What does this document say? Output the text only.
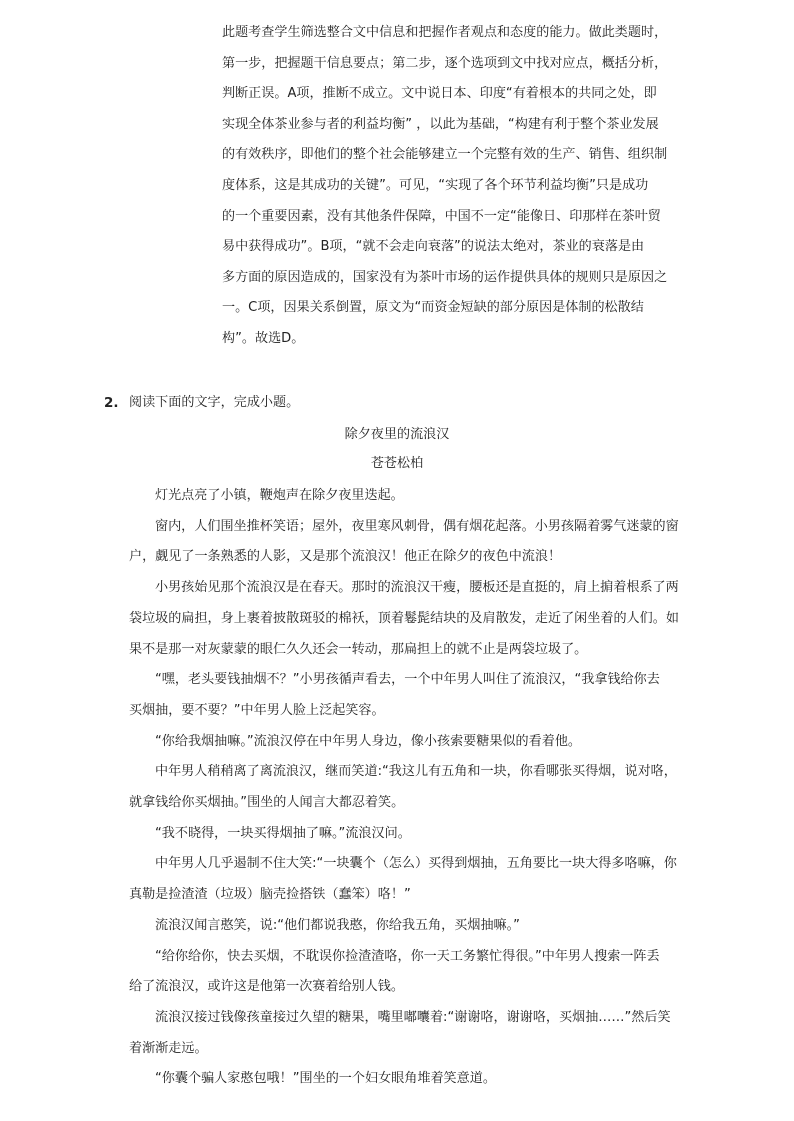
此题考查学生筛选整合文中信息和把握作者观点和态度的能力。做此类题时，

第一步，把握题干信息要点；第二步，逐个选项到文中找对应点，概括分析，

判断正误。A项，推断不成立。文中说日本、印度“有着根本的共同之处，即

实现全体茶业参与者的利益均衡” ，以此为基础，“构建有利于整个茶业发展

的有效秩序，即他们的整个社会能够建立一个完整有效的生产、销售、组织制

度体系，这是其成功的关键”。可见，“实现了各个环节利益均衡”只是成功

的一个重要因素，没有其他条件保障，中国不一定“能像日、印那样在茶叶贸

易中获得成功”。B项，“就不会走向衰落”的说法太绝对，茶业的衰落是由

多方面的原因造成的，国家没有为茶叶市场的运作提供具体的规则只是原因之

一。C项，因果关系倒置，原文为“而资金短缺的部分原因是体制的松散结

构”。故选D。

2. 阅读下面的文字，完成小题。
除夕夜里的流浪汉
苍苍松柏

灯光点亮了小镇，鞭炮声在除夕夜里迭起。

窗内，人们围坐推杯笑语；屋外，夜里寒风刺骨，偶有烟花起落。小男孩隔着雾气迷蒙的窗

户，觑见了一条熟悉的人影，又是那个流浪汉！他正在除夕的夜色中流浪！

小男孩始见那个流浪汉是在春天。那时的流浪汉干瘦，腰板还是直挺的，肩上掮着根系了两

袋垃圾的扁担，身上裹着披散斑驳的棉袄，顶着鬈髭结块的及肩散发，走近了闲坐着的人们。如

果不是那一对灰蒙蒙的眼仁久久还会一转动，那扁担上的就不止是两袋垃圾了。

“嘿，老头要钱抽烟不？”小男孩循声看去，一个中年男人叫住了流浪汉，“我拿钱给你去

买烟抽，要不要？”中年男人脸上泛起笑容。

“你给我烟抽嘛。”流浪汉停在中年男人身边，像小孩索要糖果似的看着他。

中年男人稍稍离了离流浪汉，继而笑道:“我这儿有五角和一块，你看哪张买得烟，说对咯，

就拿钱给你买烟抽。”围坐的人闻言大都忍着笑。

“我不晓得，一块买得烟抽了嘛。”流浪汉问。

中年男人几乎遏制不住大笑:“一块囊个（怎么）买得到烟抽，五角要比一块大得多咯嘛，你

真勒是捡渣渣（垃圾）脑壳捡搭铁（蠢笨）咯！”

流浪汉闻言憨笑，说:“他们都说我憨，你给我五角，买烟抽嘛。”

“给你给你，快去买烟，不耽误你捡渣渣咯，你一天工务繁忙得很。”中年男人搜索一阵丢

给了流浪汉，或许这是他第一次赛着给别人钱。

流浪汉接过钱像孩童接过久望的糖果，嘴里嘟囔着:“谢谢咯，谢谢咯，买烟抽……”然后笑

着渐渐走远。

“你囊个骗人家憨包哦！”围坐的一个妇女眼角堆着笑意道。
